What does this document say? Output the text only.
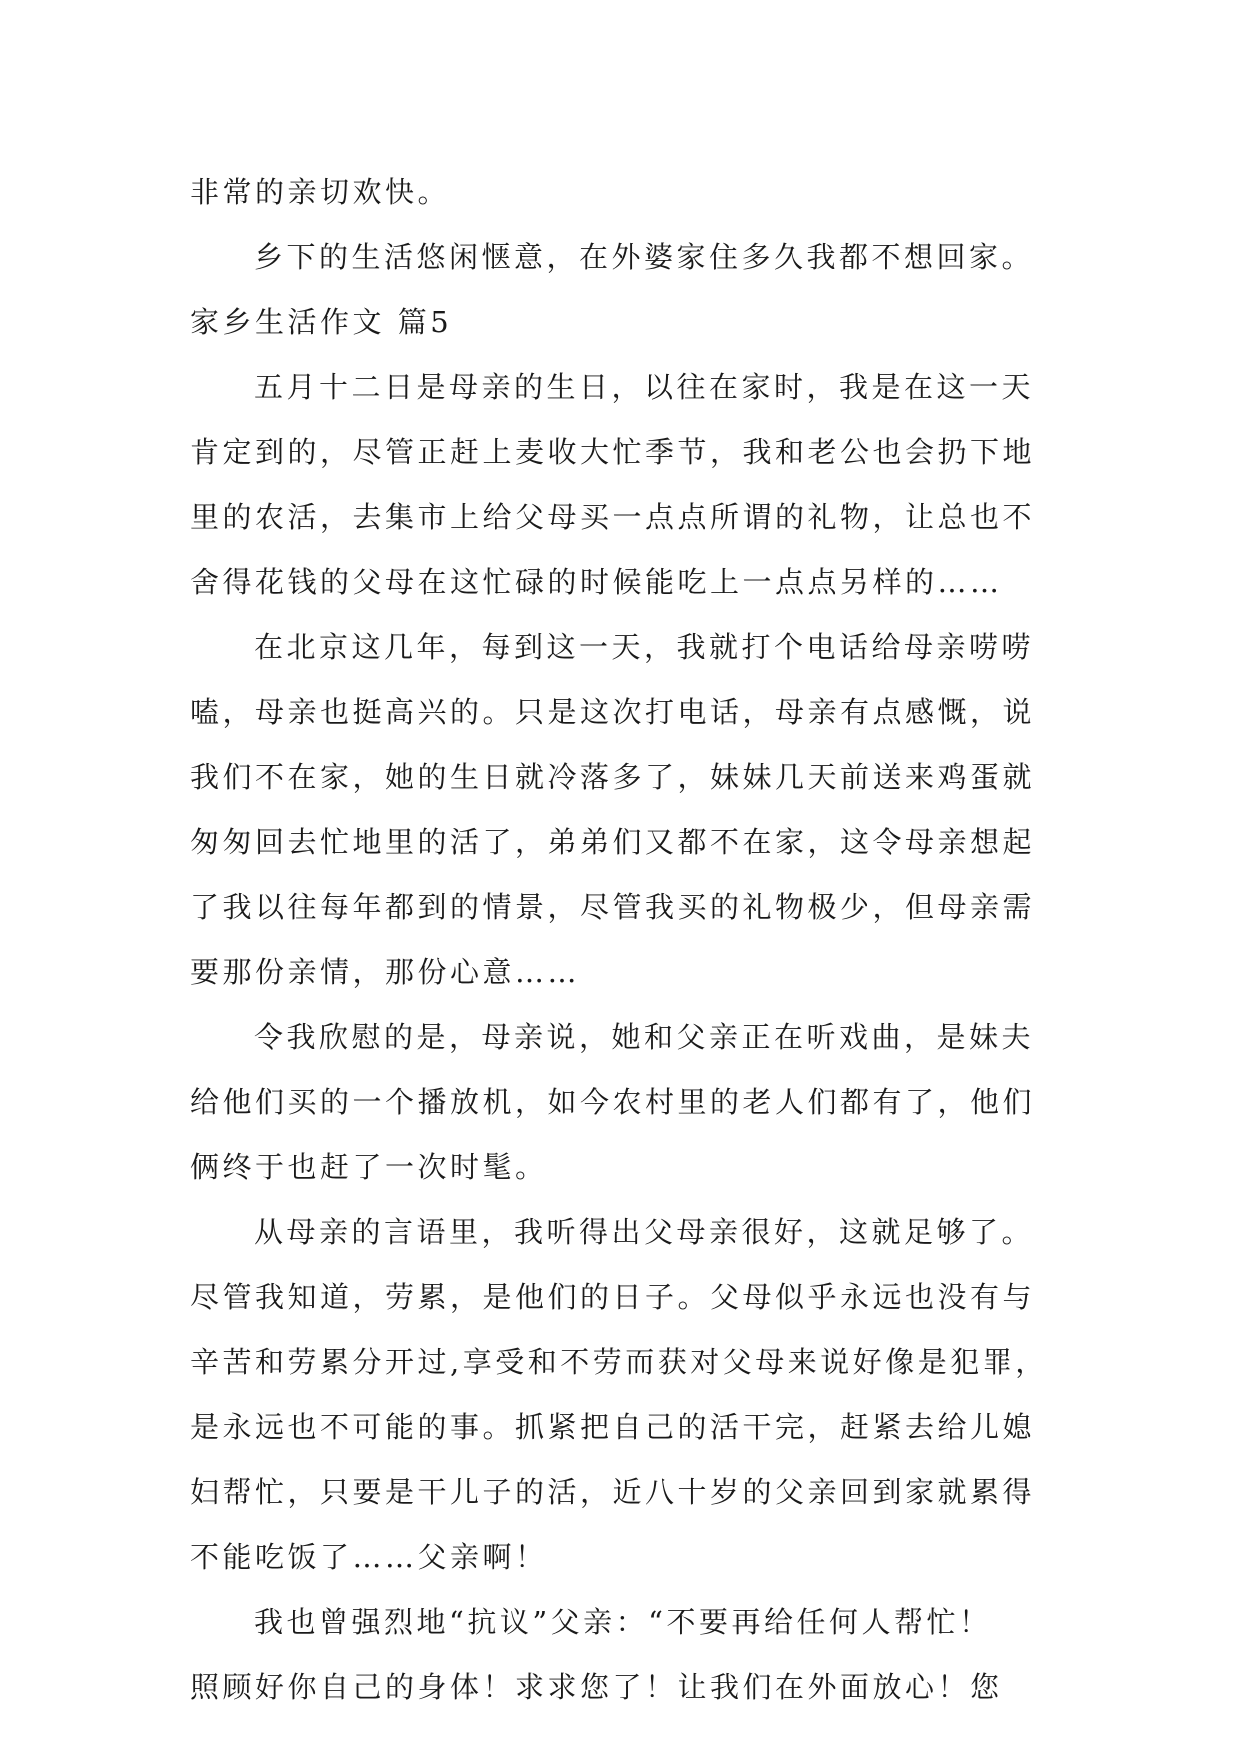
非常的亲切欢快。
乡下的生活悠闲惬意，在外婆家住多久我都不想回家。
家乡生活作文 篇5
五月十二日是母亲的生日，以往在家时，我是在这一天
肯定到的，尽管正赶上麦收大忙季节，我和老公也会扔下地
里的农活，去集市上给父母买一点点所谓的礼物，让总也不
舍得花钱的父母在这忙碌的时候能吃上一点点另样的……
在北京这几年，每到这一天，我就打个电话给母亲唠唠
嗑，母亲也挺高兴的。只是这次打电话，母亲有点感慨，说
我们不在家，她的生日就冷落多了，妹妹几天前送来鸡蛋就
匆匆回去忙地里的活了，弟弟们又都不在家，这令母亲想起
了我以往每年都到的情景，尽管我买的礼物极少，但母亲需
要那份亲情，那份心意……
令我欣慰的是，母亲说，她和父亲正在听戏曲，是妹夫
给他们买的一个播放机，如今农村里的老人们都有了，他们
俩终于也赶了一次时髦。
从母亲的言语里，我听得出父母亲很好，这就足够了。
尽管我知道，劳累，是他们的日子。父母似乎永远也没有与
辛苦和劳累分开过,享受和不劳而获对父母来说好像是犯罪，
是永远也不可能的事。抓紧把自己的活干完，赶紧去给儿媳
妇帮忙，只要是干儿子的活，近八十岁的父亲回到家就累得
不能吃饭了……父亲啊！
我也曾强烈地“抗议”父亲：“不要再给任何人帮忙！
照顾好你自己的身体！求求您了！让我们在外面放心！您
